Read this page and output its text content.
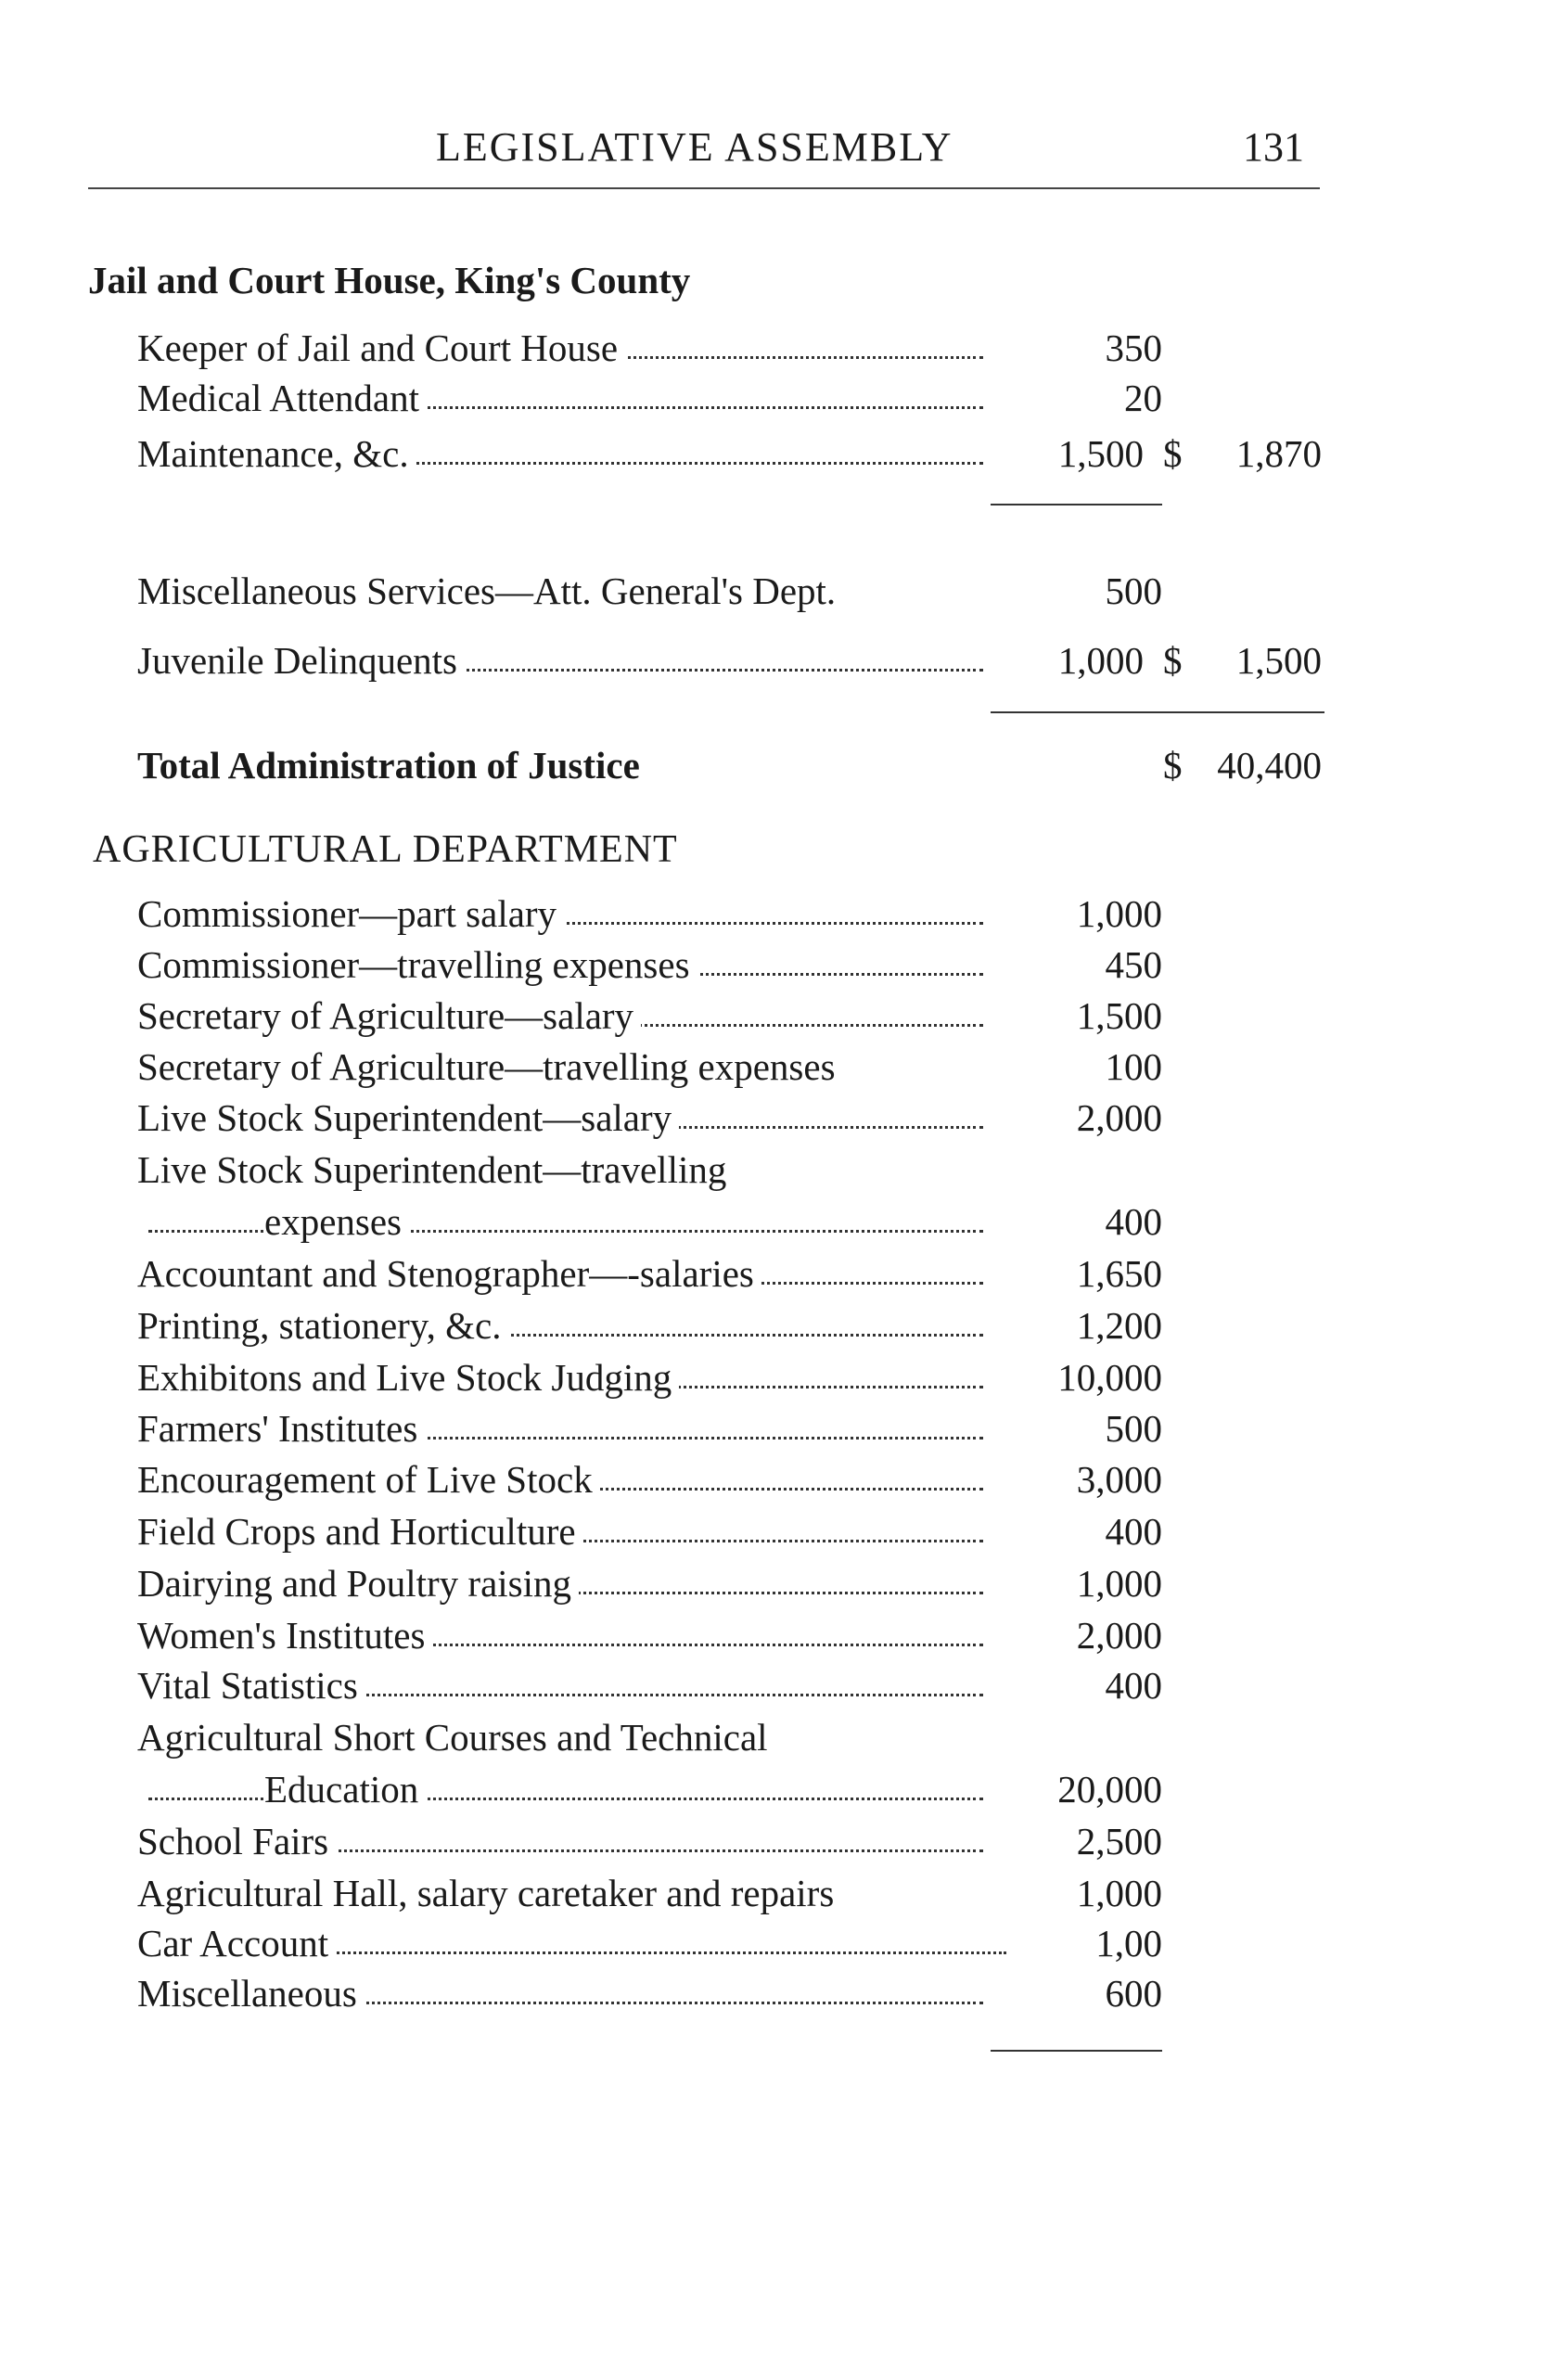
LEGISLATIVE ASSEMBLY	131
Jail and Court House, King's County
Keeper of Jail and Court House	350
Medical Attendant	20
Maintenance, &c.	1,500 $ 1,870
Miscellaneous Services—Att. General's Dept.	500
Juvenile Delinquents	1,000 $ 1,500
Total Administration of Justice	$ 40,400
AGRICULTURAL DEPARTMENT
Commissioner—part salary	1,000
Commissioner—travelling expenses	450
Secretary of Agriculture—salary	1,500
Secretary of Agriculture—travelling expenses	100
Live Stock Superintendent—salary	2,000
Live Stock Superintendent—travelling
expenses	400
Accountant and Stenographer—-salaries	1,650
Printing, stationery, &c.	1,200
Exhibitons and Live Stock Judging	10,000
Farmers' Institutes	500
Encouragement of Live Stock	3,000
Field Crops and Horticulture	400
Dairying and Poultry raising	1,000
Women's Institutes	2,000
Vital Statistics	400
Agricultural Short Courses and Technical
Education	20,000
School Fairs	2,500
Agricultural Hall, salary caretaker and repairs	1,000
Car Account	1,00
Miscellaneous	600
